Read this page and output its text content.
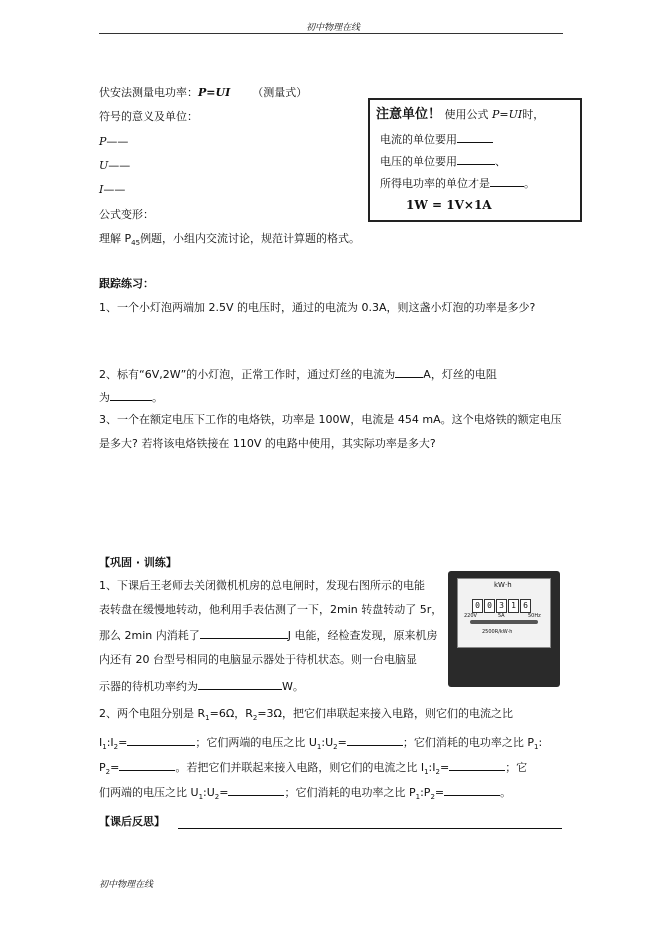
初中物理在线
伏安法测量电功率：P=UI （测量式）
符号的意义及单位：
P——
U——
I——
公式变形：
理解 $P_{45}$例题，小组内交流讨论，规范计算题的格式。
注意单位！ 使用公式 P=UI时，
电流的单位要用
电压的单位要用	、
所得电功率的单位才是	。
1W = 1V×1A
跟踪练习：
1、一个小灯泡两端加 2.5V 的电压时，通过的电流为 0.3A，则这盏小灯泡的功率是多少?
2、标有“6V,2W”的小灯泡，正常工作时，通过灯丝的电流为	A，灯丝的电阻
为	。
3、一个在额定电压下工作的电烙铁，功率是 100W，电流是 454 mA。这个电烙铁的额定电压
是多大? 若将该电烙铁接在 110V 的电路中使用，其实际功率是多大?
【巩固 · 训练】
1、下课后王老师去关闭微机机房的总电闸时，发现右图所示的电能
表转盘在缓慢地转动，他利用手表估测了一下，2min 转盘转动了 5r，
那么 2min 内消耗了	J 电能，经检查发现，原来机房
内还有 20 台型号相同的电脑显示器处于待机状态。则一台电脑显
示器的待机功率约为	W。
kW·h
0 0 3 1 6
220V	5A	50Hz
2500R/kW·h
2、两个电阻分别是 $R_1=6\Omega$，$R_2=3\Omega$，把它们串联起来接入电路，则它们的电流之比
$I_1:I_2=$	；它们两端的电压之比 $U_1:U_2=$	；它们消耗的电功率之比 $P_1$:
$P_2=$	。若把它们并联起来接入电路，则它们的电流之比 $I_1:I_2=$	；它
们两端的电压之比 $U_1:U_2=$	；它们消耗的电功率之比 $P_1:P_2=$	。
【课后反思】
初中物理在线
